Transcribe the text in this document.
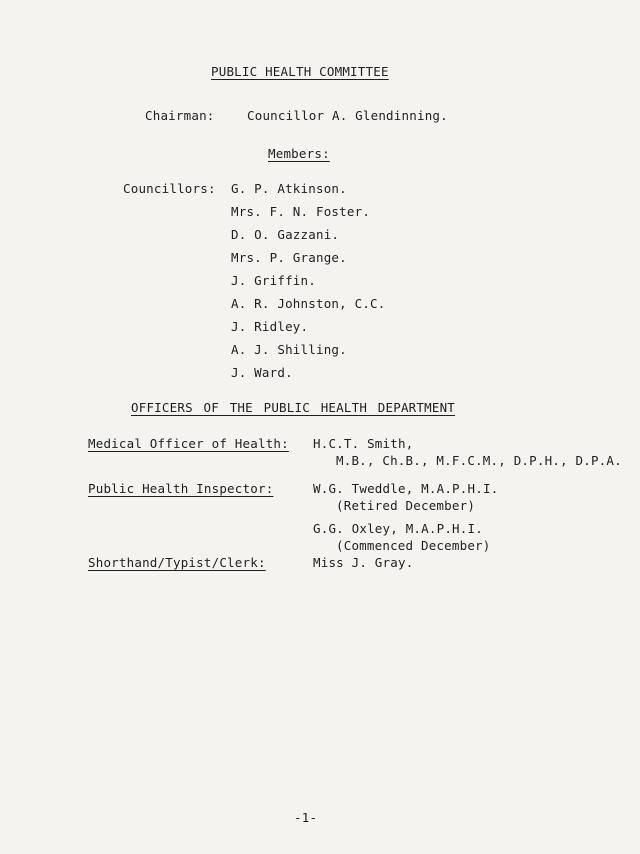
PUBLIC HEALTH COMMITTEE
Chairman:	Councillor A. Glendinning.
Members:
Councillors: G. P. Atkinson.
Mrs. F. N. Foster.
D. O. Gazzani.
Mrs. P. Grange.
J. Griffin.
A. R. Johnston, C.C.
J. Ridley.
A. J. Shilling.
J. Ward.
OFFICERS OF THE PUBLIC HEALTH DEPARTMENT
Medical Officer of Health: H.C.T. Smith,
M.B., Ch.B., M.F.C.M., D.P.H., D.P.A.
Public Health Inspector:	W.G. Tweddle, M.A.P.H.I.
(Retired December)
G.G. Oxley, M.A.P.H.I.
(Commenced December)
Shorthand/Typist/Clerk:	Miss J. Gray.
-1-
